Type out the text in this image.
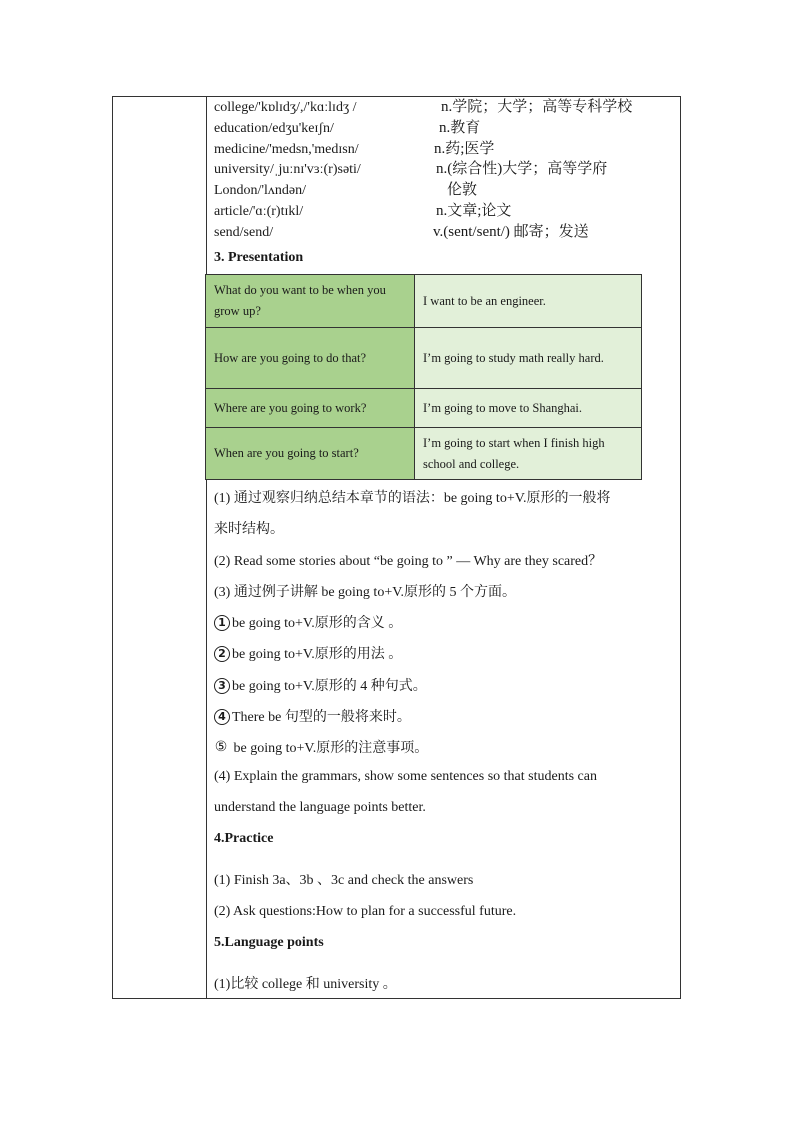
college/'kɒlɪdʒ/,/'kɑːlɪdʒ /	n.学院；大学；高等专科学校
education/edʒu'keɪʃn/	n.教育
medicine/'medsn,'medɪsn/	n.药;医学
university/ˌjuːnɪ'vɜː(r)səti/	n.(综合性)大学；高等学府
London/'lʌndən/	伦敦
article/'ɑː(r)tɪkl/	n.文章;论文
send/send/	v.(sent/sent/) 邮寄；发送
3. Presentation
What do you want to be when you grow up?	I want to be an engineer.
How are you going to do that?	I’m going to study math really hard.
Where are you going to work?	I’m going to move to Shanghai.
When are you going to start?	I’m going to start when I finish high school and college.
(1) 通过观察归纳总结本章节的语法：be going to+V.原形的一般将
来时结构。
(2) Read some stories about “be going to ” — Why are they scared？
(3) 通过例子讲解 be going to+V.原形的 5 个方面。
1 be going to+V.原形的含义 。
2 be going to+V.原形的用法 。
3 be going to+V.原形的 4 种句式。
4 There be 句型的一般将来时。
⑤ be going to+V.原形的注意事项。
(4) Explain the grammars, show some sentences so that students can
understand the language points better.
4.Practice
(1) Finish 3a、3b 、3c and check the answers
(2) Ask questions:How to plan for a successful future.
5.Language points
(1)比较 college 和 university 。
